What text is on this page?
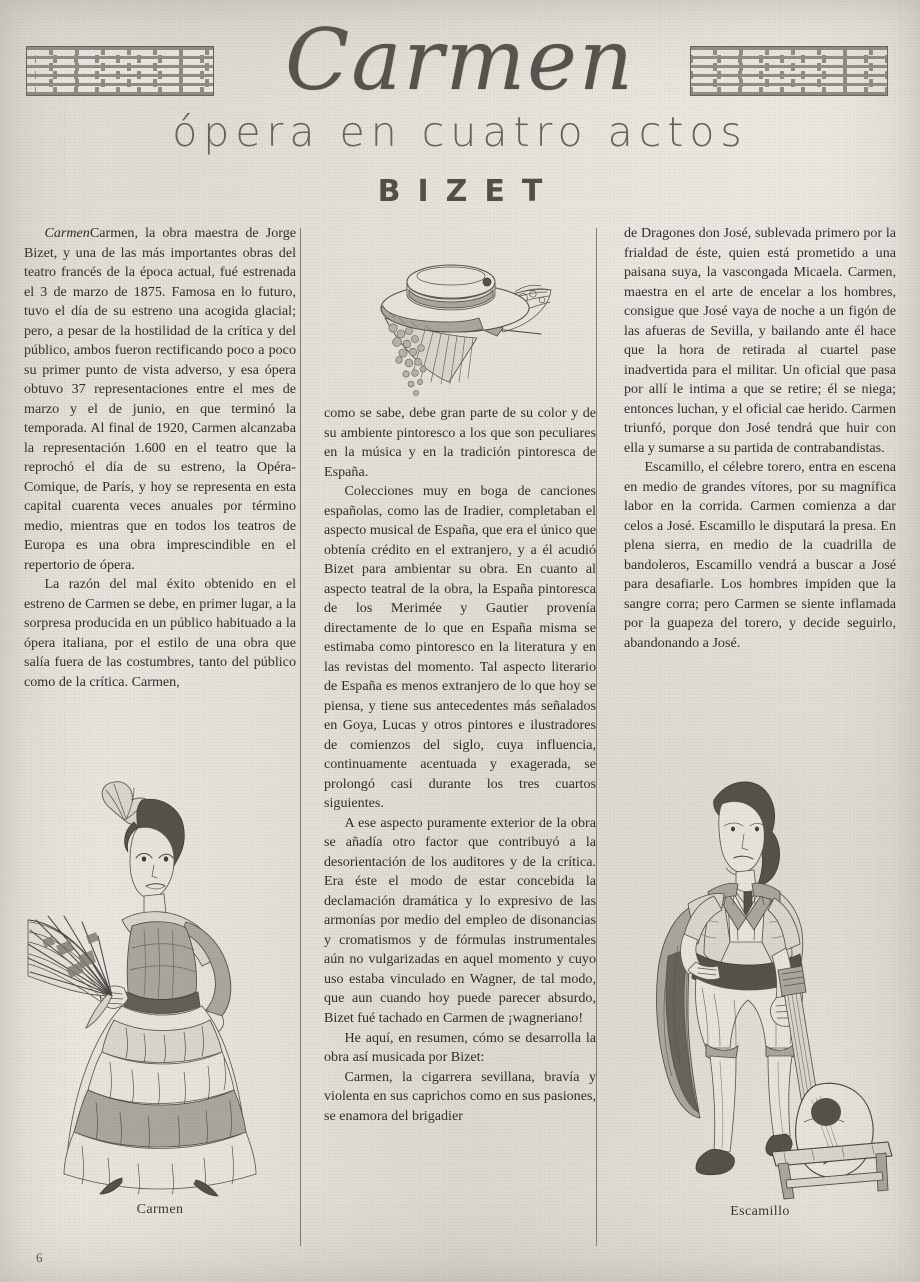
Carmen
ópera en cuatro actos
BIZET

CarmenCarmen, la obra maestra de Jorge Bizet, y una de las más importantes obras del teatro francés de la época actual, fué estrenada el 3 de marzo de 1875. Famosa en lo futuro, tuvo el día de su estreno una acogida glacial; pero, a pesar de la hostilidad de la crítica y del público, ambos fueron rectificando poco a poco su primer punto de vista adverso, y esa ópera obtuvo 37 representaciones entre el mes de marzo y el de junio, en que terminó la temporada. Al final de 1920, Carmen alcanzaba la representación 1.600 en el teatro que la reprochó el día de su estreno, la Opéra-Comique, de París, y hoy se representa en esta capital cuarenta veces anuales por término medio, mientras que en todos los teatros de Europa es una obra imprescindible en el repertorio de ópera.

La razón del mal éxito obtenido en el estreno de Carmen se debe, en primer lugar, a la sorpresa producida en un público habituado a la ópera italiana, por el estilo de una obra que salía fuera de las costumbres, tanto del público como de la crítica. Carmen,

como se sabe, debe gran parte de su color y de su ambiente pintoresco a los que son peculiares en la música y en la tradición pintoresca de España.

Colecciones muy en boga de canciones españolas, como las de Iradier, completaban el aspecto musical de España, que era el único que obtenía crédito en el extranjero, y a él acudió Bizet para ambientar su obra. En cuanto al aspecto teatral de la obra, la España pintoresca de los Merimée y Gautier provenía directamente de lo que en España misma se estimaba como pintoresco en la literatura y en las revistas del momento. Tal aspecto literario de España es menos extranjero de lo que hoy se piensa, y tiene sus antecedentes más señalados en Goya, Lucas y otros pintores e ilustradores de comienzos del siglo, cuya influencia, continuamente acentuada y exagerada, se prolongó casi durante los tres cuartos siguientes.

A ese aspecto puramente exterior de la obra se añadía otro factor que contribuyó a la desorientación de los auditores y de la crítica. Era éste el modo de estar concebida la declamación dramática y lo expresivo de las armonías por medio del empleo de disonancias y cromatismos y de fórmulas instrumentales aún no vulgarizadas en aquel momento y cuyo uso estaba vinculado en Wagner, de tal modo, que aun cuando hoy puede parecer absurdo, Bizet fué tachado en Carmen de ¡wagneriano!

He aquí, en resumen, cómo se desarrolla la obra así musicada por Bizet:

Carmen, la cigarrera sevillana, bravía y violenta en sus caprichos como en sus pasiones, se enamora del brigadier

de Dragones don José, sublevada primero por la frialdad de éste, quien está prometido a una paisana suya, la vascongada Micaela. Carmen, maestra en el arte de encelar a los hombres, consigue que José vaya de noche a un figón de las afueras de Sevilla, y bailando ante él hace que la hora de retirada al cuartel pase inadvertida para el militar. Un oficial que pasa por allí le intima a que se retire; él se niega; entonces luchan, y el oficial cae herido. Carmen triunfó, porque don José tendrá que huir con ella y sumarse a su partida de contrabandistas.

Escamillo, el célebre torero, entra en escena en medio de grandes vítores, por su magnífica labor en la corrida. Carmen comienza a dar celos a José. Escamillo le disputará la presa. En plena sierra, en medio de la cuadrilla de bandoleros, Escamillo vendrá a buscar a José para desafiarle. Los hombres impiden que la sangre corra; pero Carmen se siente inflamada por la guapeza del torero, y decide seguirlo, abandonando a José.

Carmen	Escamillo
6
